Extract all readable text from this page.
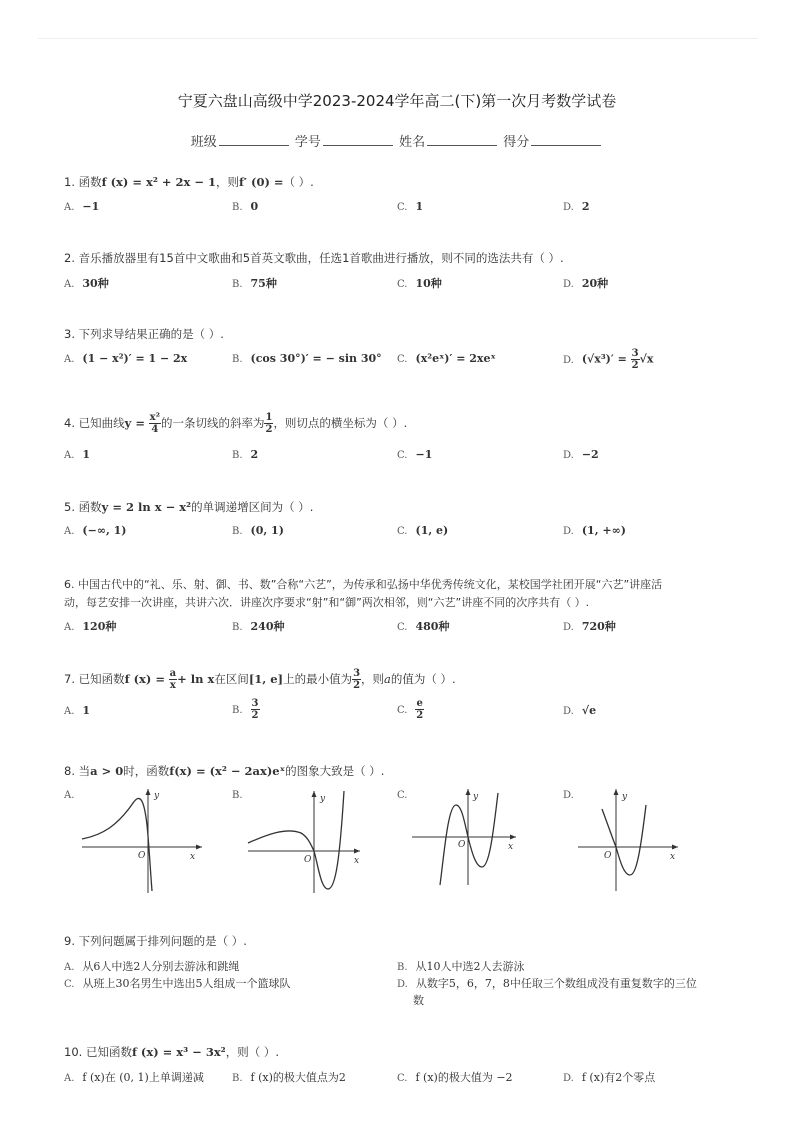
宁夏六盘山高级中学2023-2024学年高二(下)第一次月考数学试卷
班级	学号	姓名	得分
1. 函数f (x) = x² + 2x − 1，则f′ (0) =（ ）.
A. −1	B. 0	C. 1	D. 2
2. 音乐播放器里有15首中文歌曲和5首英文歌曲，任选1首歌曲进行播放，则不同的选法共有（ ）.
A. 30种	B. 75种	C. 10种	D. 20种
3. 下列求导结果正确的是（ ）.
A. (1 − x²)′ = 1 − 2x	B. (cos 30°)′ = − sin 30° C. (x²eˣ)′ = 2xeˣ	D. $(√x^3)' = \frac{3}{2} √x$
4. 已知曲线$y = \frac{\text{x²}}{4}$ 的一条切线的斜率为 $\frac{1}{2}$ ，则切点的横坐标为（ ）.
A. 1	B. 2	C. −1	D. −2
5. 函数y = 2 ln x − x²的单调递增区间为（ ）.
A. (−∞, 1)	B. (0, 1)	C. (1, e)	D. (1, +∞)
6. 中国古代中的“礼、乐、射、御、书、数”合称“六艺”，为传承和弘扬中华优秀传统文化，某校国学社团开展“六艺”讲座活
动，每艺安排一次讲座，共讲六次．讲座次序要求“射”和“御”两次相邻，则“六艺”讲座不同的次序共有（ ）.
A. 120种	B. 240种	C. 480种	D. 720种
7. 已知函数f $(x) = \frac{a}{x} + \ln x$在区间[1, e]上的最小值为 $\frac{3}{2}$ ，则a的值为（ ）.
A. 1	B. $\frac{3}{2}$	C. $\frac{e}{2}$	D. √e
8. 当a > 0时，函数f(x) = (x² − 2ax)eˣ的图象大致是（ ）.
A.	y
x
O
B.	y
x
O
C.	y
x
O
D.	y
x
O
9. 下列问题属于排列问题的是（ ）.
A. 从6人中选2人分别去游泳和跳绳	B. 从10人中选2人去游泳
C. 从班上30名男生中选出5人组成一个篮球队	D. 从数字5，6，7，8中任取三个数组成没有重复数字的三位
数
10. 已知函数f (x) = x³ − 3x²，则（ ）.
A. f (x)在 (0, 1)上单调递减	B. f (x)的极大值点为2	C. f (x)的极大值为 −2	D. f (x)有2个零点
